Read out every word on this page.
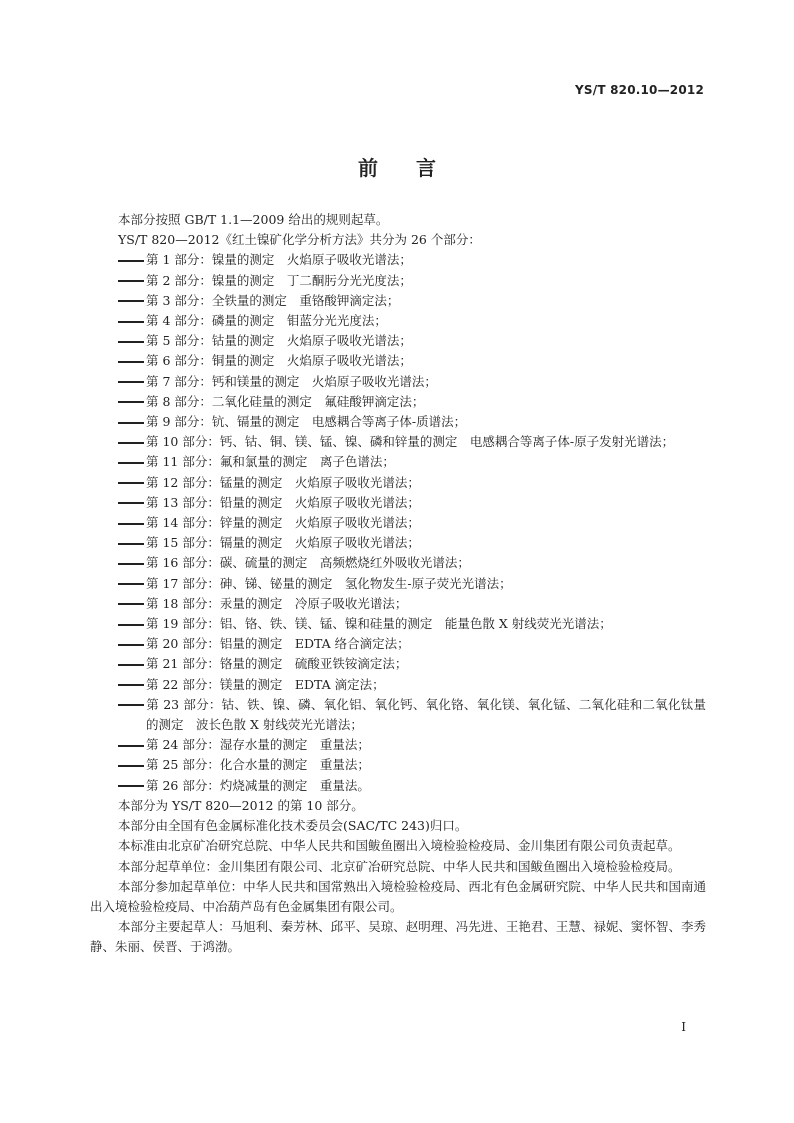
YS/T 820.10—2012
前言

本部分按照 GB/T 1.1—2009 给出的规则起草。

YS/T 820—2012《红土镍矿化学分析方法》共分为 26 个部分：

第 1 部分：镍量的测定　火焰原子吸收光谱法；

第 2 部分：镍量的测定　丁二酮肟分光光度法；

第 3 部分：全铁量的测定　重铬酸钾滴定法；

第 4 部分：磷量的测定　钼蓝分光光度法；

第 5 部分：钴量的测定　火焰原子吸收光谱法；

第 6 部分：铜量的测定　火焰原子吸收光谱法；

第 7 部分：钙和镁量的测定　火焰原子吸收光谱法；

第 8 部分：二氧化硅量的测定　氟硅酸钾滴定法；

第 9 部分：钪、镉量的测定　电感耦合等离子体-质谱法；

第 10 部分：钙、钴、铜、镁、锰、镍、磷和锌量的测定　电感耦合等离子体-原子发射光谱法；

第 11 部分：氟和氯量的测定　离子色谱法；

第 12 部分：锰量的测定　火焰原子吸收光谱法；

第 13 部分：铅量的测定　火焰原子吸收光谱法；

第 14 部分：锌量的测定　火焰原子吸收光谱法；

第 15 部分：镉量的测定　火焰原子吸收光谱法；

第 16 部分：碳、硫量的测定　高频燃烧红外吸收光谱法；

第 17 部分：砷、锑、铋量的测定　氢化物发生-原子荧光光谱法；

第 18 部分：汞量的测定　冷原子吸收光谱法；

第 19 部分：铝、铬、铁、镁、锰、镍和硅量的测定　能量色散 X 射线荧光光谱法；

第 20 部分：铝量的测定　EDTA 络合滴定法；

第 21 部分：铬量的测定　硫酸亚铁铵滴定法；

第 22 部分：镁量的测定　EDTA 滴定法；

第 23 部分：钴、铁、镍、磷、氧化铝、氧化钙、氧化铬、氧化镁、氧化锰、二氧化硅和二氧化钛量的测定　波长色散 X 射线荧光光谱法；

第 24 部分：湿存水量的测定　重量法；

第 25 部分：化合水量的测定　重量法；

第 26 部分：灼烧减量的测定　重量法。

本部分为 YS/T 820—2012 的第 10 部分。

本部分由全国有色金属标准化技术委员会(SAC/TC 243)归口。

本标准由北京矿冶研究总院、中华人民共和国鲅鱼圈出入境检验检疫局、金川集团有限公司负责起草。

本部分起草单位：金川集团有限公司、北京矿冶研究总院、中华人民共和国鲅鱼圈出入境检验检疫局。

本部分参加起草单位：中华人民共和国常熟出入境检验检疫局、西北有色金属研究院、中华人民共和国南通出入境检验检疫局、中冶葫芦岛有色金属集团有限公司。

本部分主要起草人：马旭利、秦芳林、邱平、吴琼、赵明理、冯先进、王艳君、王慧、禄妮、窦怀智、李秀静、朱丽、侯晋、于鸿渤。

I
